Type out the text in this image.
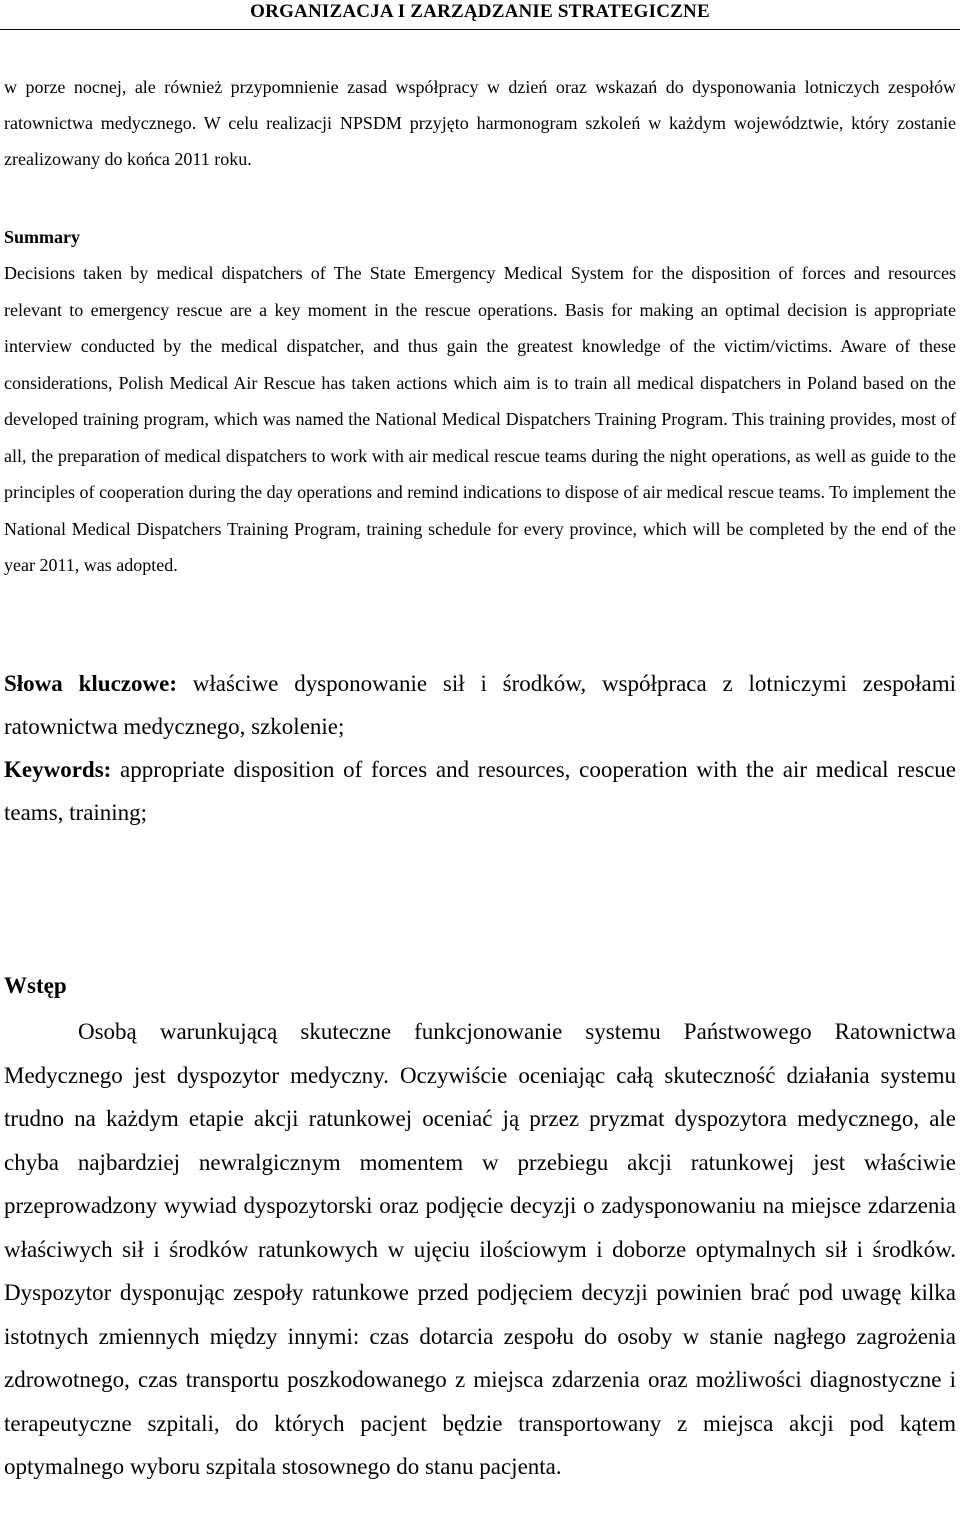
ORGANIZACJA I ZARZĄDZANIE STRATEGICZNE
w porze nocnej, ale również przypomnienie zasad współpracy w dzień oraz wskazań do dysponowania lotniczych zespołów ratownictwa medycznego. W celu realizacji NPSDM przyjęto harmonogram szkoleń w każdym województwie, który zostanie zrealizowany do końca 2011 roku.
Summary
Decisions taken by medical dispatchers of The State Emergency Medical System for the disposition of forces and resources relevant to emergency rescue are a key moment in the rescue operations. Basis for making an optimal decision is appropriate interview conducted by the medical dispatcher, and thus gain the greatest knowledge of the victim/victims. Aware of these considerations, Polish Medical Air Rescue has taken actions which aim is to train all medical dispatchers in Poland based on the developed training program, which was named the National Medical Dispatchers Training Program. This training provides, most of all, the preparation of medical dispatchers to work with air medical rescue teams during the night operations, as well as guide to the principles of cooperation during the day operations and remind indications to dispose of air medical rescue teams. To implement the National Medical Dispatchers Training Program, training schedule for every province, which will be completed by the end of the year 2011, was adopted.
Słowa kluczowe: właściwe dysponowanie sił i środków, współpraca z lotniczymi zespołami ratownictwa medycznego, szkolenie;
Keywords: appropriate disposition of forces and resources, cooperation with the air medical rescue teams, training;
Wstęp
Osobą warunkującą skuteczne funkcjonowanie systemu Państwowego Ratownictwa Medycznego jest dyspozytor medyczny. Oczywiście oceniając całą skuteczność działania systemu trudno na każdym etapie akcji ratunkowej oceniać ją przez pryzmat dyspozytora medycznego, ale chyba najbardziej newralgicznym momentem w przebiegu akcji ratunkowej jest właściwie przeprowadzony wywiad dyspozytorski oraz podjęcie decyzji o zadysponowaniu na miejsce zdarzenia właściwych sił i środków ratunkowych w ujęciu ilościowym i doborze optymalnych sił i środków. Dyspozytor dysponując zespoły ratunkowe przed podjęciem decyzji powinien brać pod uwagę kilka istotnych zmiennych między innymi: czas dotarcia zespołu do osoby w stanie nagłego zagrożenia zdrowotnego, czas transportu poszkodowanego z miejsca zdarzenia oraz możliwości diagnostyczne i terapeutyczne szpitali, do których pacjent będzie transportowany z miejsca akcji pod kątem optymalnego wyboru szpitala stosownego do stanu pacjenta.
